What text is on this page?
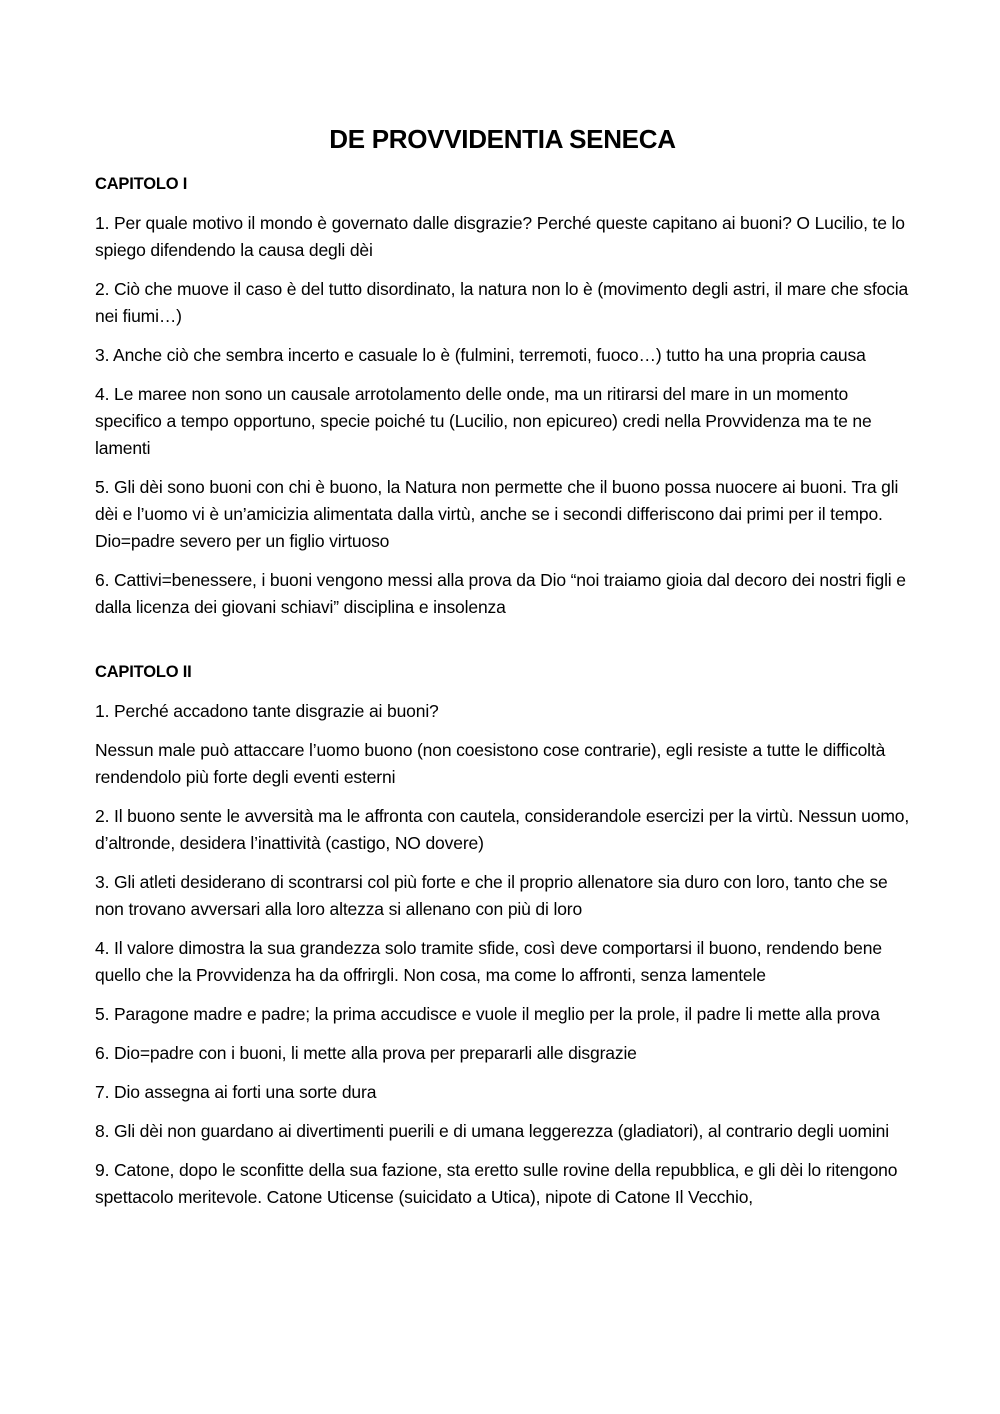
DE PROVVIDENTIA SENECA
CAPITOLO I

1. Per quale motivo il mondo è governato dalle disgrazie? Perché queste capitano ai buoni? O Lucilio, te lo spiego difendendo la causa degli dèi

2. Ciò che muove il caso è del tutto disordinato, la natura non lo è (movimento degli astri, il mare che sfocia nei fiumi…)

3. Anche ciò che sembra incerto e casuale lo è (fulmini, terremoti, fuoco…) tutto ha una propria causa

4. Le maree non sono un causale arrotolamento delle onde, ma un ritirarsi del mare in un momento specifico a tempo opportuno, specie poiché tu (Lucilio, non epicureo) credi nella Provvidenza ma te ne lamenti

5. Gli dèi sono buoni con chi è buono, la Natura non permette che il buono possa nuocere ai buoni. Tra gli dèi e l’uomo vi è un’amicizia alimentata dalla virtù, anche se i secondi differiscono dai primi per il tempo. Dio=padre severo per un figlio virtuoso

6. Cattivi=benessere, i buoni vengono messi alla prova da Dio “noi traiamo gioia dal decoro dei nostri figli e dalla licenza dei giovani schiavi” disciplina e insolenza

CAPITOLO II

1. Perché accadono tante disgrazie ai buoni?

Nessun male può attaccare l’uomo buono (non coesistono cose contrarie), egli resiste a tutte le difficoltà rendendolo più forte degli eventi esterni

2. Il buono sente le avversità ma le affronta con cautela, considerandole esercizi per la virtù. Nessun uomo, d’altronde, desidera l’inattività (castigo, NO dovere)

3. Gli atleti desiderano di scontrarsi col più forte e che il proprio allenatore sia duro con loro, tanto che se non trovano avversari alla loro altezza si allenano con più di loro

4. Il valore dimostra la sua grandezza solo tramite sfide, così deve comportarsi il buono, rendendo bene quello che la Provvidenza ha da offrirgli. Non cosa, ma come lo affronti, senza lamentele

5. Paragone madre e padre; la prima accudisce e vuole il meglio per la prole, il padre li mette alla prova

6. Dio=padre con i buoni, li mette alla prova per prepararli alle disgrazie

7. Dio assegna ai forti una sorte dura

8. Gli dèi non guardano ai divertimenti puerili e di umana leggerezza (gladiatori), al contrario degli uomini

9. Catone, dopo le sconfitte della sua fazione, sta eretto sulle rovine della repubblica, e gli dèi lo ritengono spettacolo meritevole. Catone Uticense (suicidato a Utica), nipote di Catone Il Vecchio,
